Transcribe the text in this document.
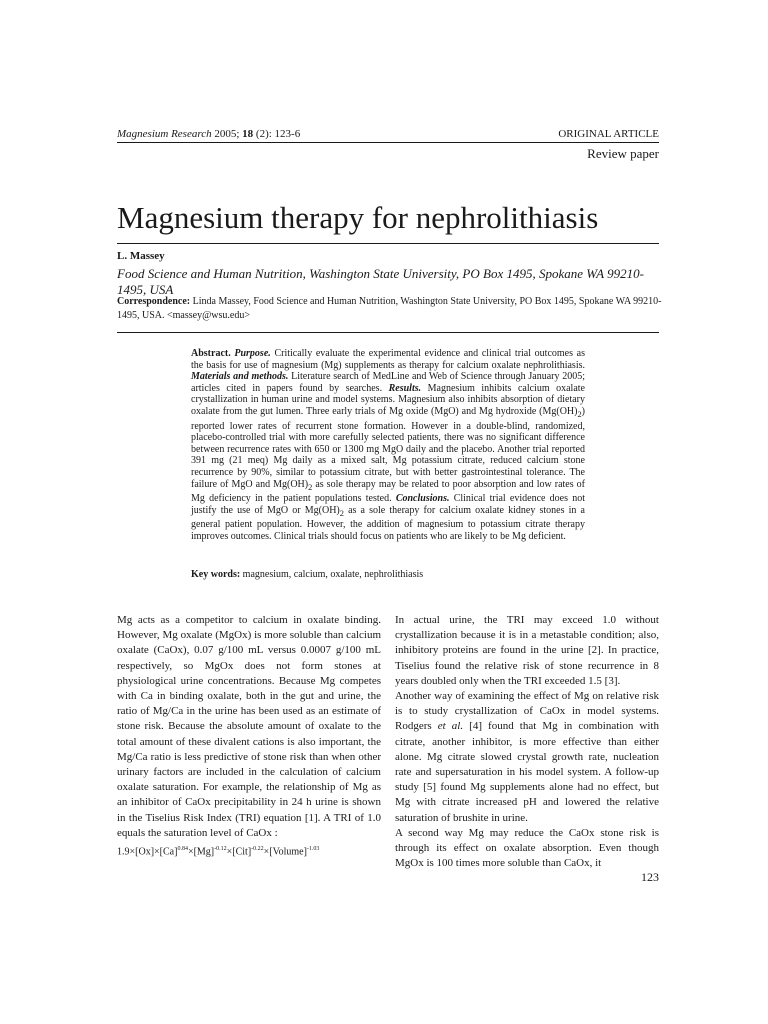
Magnesium Research 2005; 18 (2): 123-6	ORIGINAL ARTICLE
Review paper
Magnesium therapy for nephrolithiasis
L. Massey
Food Science and Human Nutrition, Washington State University, PO Box 1495, Spokane WA 99210-1495, USA
Correspondence: Linda Massey, Food Science and Human Nutrition, Washington State University, PO Box 1495, Spokane WA 99210-1495, USA. <massey@wsu.edu>
Abstract. Purpose. Critically evaluate the experimental evidence and clinical trial outcomes as the basis for use of magnesium (Mg) supplements as therapy for calcium oxalate nephrolithiasis. Materials and methods. Literature search of MedLine and Web of Science through January 2005; articles cited in papers found by searches. Results. Magnesium inhibits calcium oxalate crystallization in human urine and model systems. Magnesium also inhibits absorption of dietary oxalate from the gut lumen. Three early trials of Mg oxide (MgO) and Mg hydroxide $(Mg(OH)_2)$ reported lower rates of recurrent stone formation. However in a double-blind, randomized, placebo-controlled trial with more carefully selected patients, there was no significant difference between recurrence rates with 650 or 1300 mg MgO daily and the placebo. Another trial reported 391 mg (21 meq) Mg daily as a mixed salt, Mg potassium citrate, reduced calcium stone recurrence by 90%, similar to potassium citrate, but with better gastrointestinal tolerance. The failure of MgO and $Mg(OH)_2$ as sole therapy may be related to poor absorption and low rates of Mg deficiency in the patient populations tested. Conclusions. Clinical trial evidence does not justify the use of MgO or $Mg(OH)_2$ as a sole therapy for calcium oxalate kidney stones in a general patient population. However, the addition of magnesium to potassium citrate therapy improves outcomes. Clinical trials should focus on patients who are likely to be Mg deficient.
Key words: magnesium, calcium, oxalate, nephrolithiasis

Mg acts as a competitor to calcium in oxalate binding. However, Mg oxalate (MgOx) is more soluble than calcium oxalate (CaOx), 0.07 g/100 mL versus 0.0007 g/100 mL respectively, so MgOx does not form stones at physiological urine concentrations. Because Mg competes with Ca in binding oxalate, both in the gut and urine, the ratio of Mg/Ca in the urine has been used as an estimate of stone risk. Because the absolute amount of oxalate to the total amount of these divalent cations is also important, the Mg/Ca ratio is less predictive of stone risk than when other urinary factors are included in the calculation of calcium oxalate saturation. For example, the relationship of Mg as an inhibitor of CaOx precipitability in 24 h urine is shown in the Tiselius Risk Index (TRI) equation [1]. A TRI of 1.0 equals the saturation level of CaOx :

$1.9\times[Ox]\times[Ca]^{0.84}\times[Mg]^{-0.12}\times[Cit]^{-0.22}\times[Volume]^{-1.03}$

In actual urine, the TRI may exceed 1.0 without crystallization because it is in a metastable condition; also, inhibitory proteins are found in the urine [2]. In practice, Tiselius found the relative risk of stone recurrence in 8 years doubled only when the TRI exceeded 1.5 [3].

Another way of examining the effect of Mg on relative risk is to study crystallization of CaOx in model systems. Rodgers et al. [4] found that Mg in combination with citrate, another inhibitor, is more effective than either alone. Mg citrate slowed crystal growth rate, nucleation rate and supersaturation in his model system. A follow-up study [5] found Mg supplements alone had no effect, but Mg with citrate increased pH and lowered the relative saturation of brushite in urine.

A second way Mg may reduce the CaOx stone risk is through its effect on oxalate absorption. Even though MgOx is 100 times more soluble than CaOx, it

123
